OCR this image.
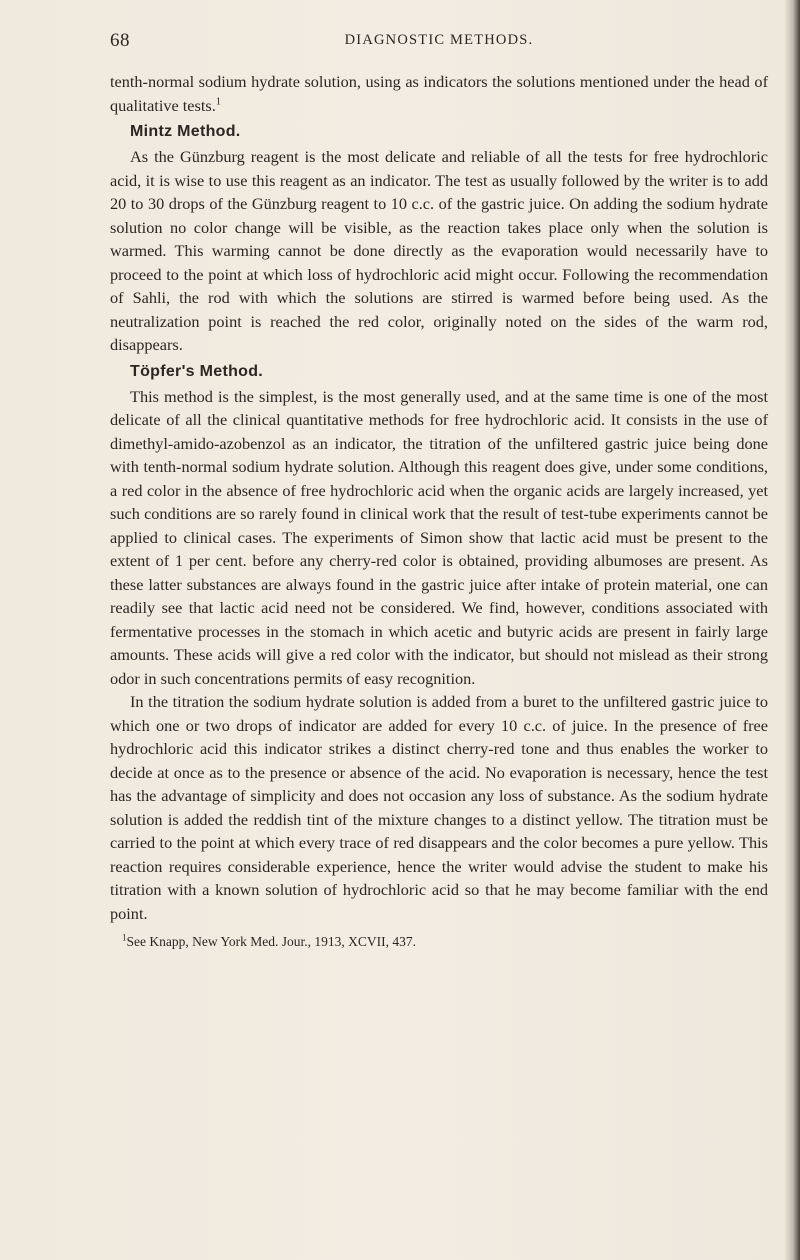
68	DIAGNOSTIC METHODS.

tenth-normal sodium hydrate solution, using as indicators the solutions mentioned under the head of qualitative tests.$^1$

Mintz Method.

As the Günzburg reagent is the most delicate and reliable of all the tests for free hydrochloric acid, it is wise to use this reagent as an indicator. The test as usually followed by the writer is to add 20 to 30 drops of the Günzburg reagent to 10 c.c. of the gastric juice. On adding the sodium hydrate solution no color change will be visible, as the reaction takes place only when the solution is warmed. This warming cannot be done directly as the evaporation would necessarily have to proceed to the point at which loss of hydrochloric acid might occur. Following the recommendation of Sahli, the rod with which the solutions are stirred is warmed before being used. As the neutralization point is reached the red color, originally noted on the sides of the warm rod, disappears.

Töpfer's Method.

This method is the simplest, is the most generally used, and at the same time is one of the most delicate of all the clinical quantitative methods for free hydrochloric acid. It consists in the use of dimethyl-amido-azobenzol as an indicator, the titration of the unfiltered gastric juice being done with tenth-normal sodium hydrate solution. Although this reagent does give, under some conditions, a red color in the absence of free hydrochloric acid when the organic acids are largely increased, yet such conditions are so rarely found in clinical work that the result of test-tube experiments cannot be applied to clinical cases. The experiments of Simon show that lactic acid must be present to the extent of 1 per cent. before any cherry-red color is obtained, providing albumoses are present. As these latter substances are always found in the gastric juice after intake of protein material, one can readily see that lactic acid need not be considered. We find, however, conditions associated with fermentative processes in the stomach in which acetic and butyric acids are present in fairly large amounts. These acids will give a red color with the indicator, but should not mislead as their strong odor in such concentrations permits of easy recognition.

In the titration the sodium hydrate solution is added from a buret to the unfiltered gastric juice to which one or two drops of indicator are added for every 10 c.c. of juice. In the presence of free hydrochloric acid this indicator strikes a distinct cherry-red tone and thus enables the worker to decide at once as to the presence or absence of the acid. No evaporation is necessary, hence the test has the advantage of simplicity and does not occasion any loss of substance. As the sodium hydrate solution is added the reddish tint of the mixture changes to a distinct yellow. The titration must be carried to the point at which every trace of red disappears and the color becomes a pure yellow. This reaction requires considerable experience, hence the writer would advise the student to make his titration with a known solution of hydrochloric acid so that he may become familiar with the end point.

$^1$See Knapp, New York Med. Jour., 1913, XCVII, 437.
